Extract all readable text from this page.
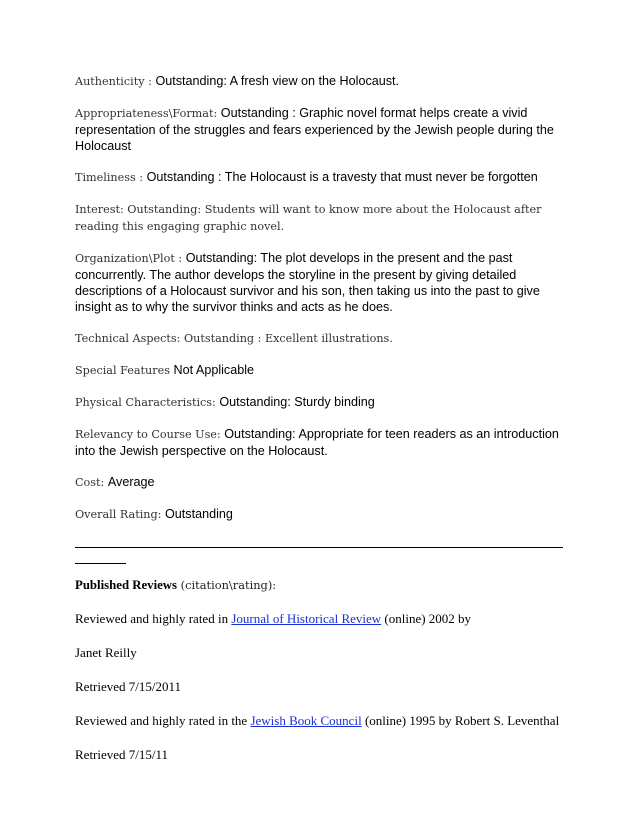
Authenticity : Outstanding: A fresh view on the Holocaust.
Appropriateness\Format: Outstanding : Graphic novel format helps create a vivid representation of the struggles and fears experienced by the Jewish people during the Holocaust
Timeliness : Outstanding : The Holocaust is a travesty that must never be forgotten
Interest: Outstanding: Students will want to know more about the Holocaust after reading this engaging graphic novel.
Organization\Plot : Outstanding: The plot develops in the present and the past concurrently. The author develops the storyline in the present by giving detailed descriptions of a Holocaust survivor and his son, then taking us into the past to give insight as to why the survivor thinks and acts as he does.
Technical Aspects: Outstanding : Excellent illustrations.
Special Features Not Applicable
Physical Characteristics: Outstanding: Sturdy binding
Relevancy to Course Use: Outstanding: Appropriate for teen readers as an introduction into the Jewish perspective on the Holocaust.
Cost: Average
Overall Rating: Outstanding
Published Reviews (citation\rating):
Reviewed and highly rated in Journal of Historical Review (online) 2002 by
Janet Reilly
Retrieved 7/15/2011
Reviewed and highly rated in the Jewish Book Council (online) 1995 by Robert S. Leventhal
Retrieved 7/15/11
